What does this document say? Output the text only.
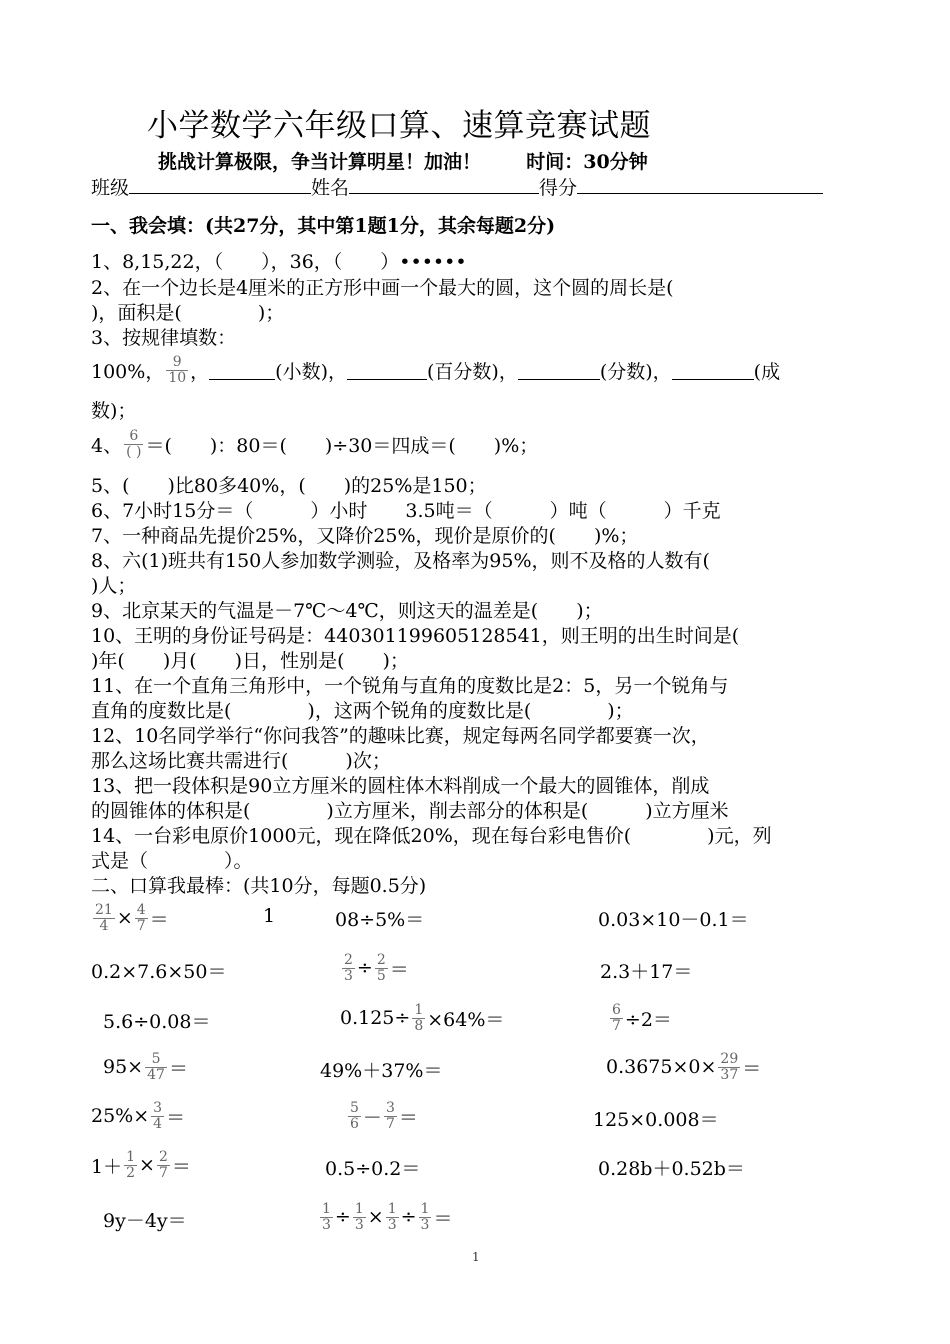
小学数学六年级口算、速算竞赛试题
挑战计算极限，争当计算明星！加油！ 时间：30分钟
班级	姓名	得分
一、我会填：(共27分，其中第1题1分，其余每题2分)
1、8,15,22，（　　），36，（　　）••••••
2、在一个边长是4厘米的正方形中画一个最大的圆，这个圆的周长是(
)，面积是(　　　　)；
3、按规律填数：
100%， $\frac{9}{10}$ ，	(小数)，	(百分数)，	(分数)，	(成
数)；
4、 $\frac{6}{( )}$ ＝(　　)：80＝(　　)÷30＝四成＝(　　)%；
5、(　　)比80多40%，(　　)的25%是150；
6、7小时15分＝（　　　）小时　　3.5吨＝（　　　）吨（　　　）千克
7、一种商品先提价25%，又降价25%，现价是原价的(　　)%；
8、六(1)班共有150人参加数学测验，及格率为95%，则不及格的人数有(
)人；
9、北京某天的气温是－7℃～4℃，则这天的温差是(　　)；
10、王明的身份证号码是：440301199605128541，则王明的出生时间是(
)年(　　)月(　　)日，性别是(　　)；
11、在一个直角三角形中，一个锐角与直角的度数比是2：5，另一个锐角与
直角的度数比是(　　　　)，这两个锐角的度数比是(　　　　)；
12、10名同学举行“你问我答”的趣味比赛，规定每两名同学都要赛一次，
那么这场比赛共需进行(　　　)次；
13、把一段体积是90立方厘米的圆柱体木料削成一个最大的圆锥体，削成
的圆锥体的体积是(　　　　)立方厘米，削去部分的体积是(　　　)立方厘米
14、一台彩电原价1000元，现在降低20%，现在每台彩电售价(　　　　)元，列
式是（　　　　）。
二、口算我最棒：(共10分，每题0.5分)
$\frac{21}{4} \times \frac{4}{7}$ ＝	1	08÷5%＝	0.03×10－0.1＝
0.2×7.6×50＝	$\frac{2}{3} \div \frac{2}{5}$ ＝	2.3＋17＝
5.6÷0.08＝	$0.125\div \frac{1}{8} \times 64\%=$	$\frac{6}{7} \div 2=$
$95\times \frac{5}{47}$ ＝	49%＋37%＝	$0.3675\times 0\times \frac{29}{37}$ ＝
$25\%\times \frac{3}{4}$ ＝	$\frac{5}{6} - \frac{3}{7}$ ＝	125×0.008＝
$1+ \frac{1}{2} \times \frac{2}{7}$ ＝	0.5÷0.2＝	0.28b＋0.52b＝
9y－4y＝	$\frac{1}{3} \div \frac{1}{3} \times \frac{1}{3} \div \frac{1}{3}$ ＝
1
